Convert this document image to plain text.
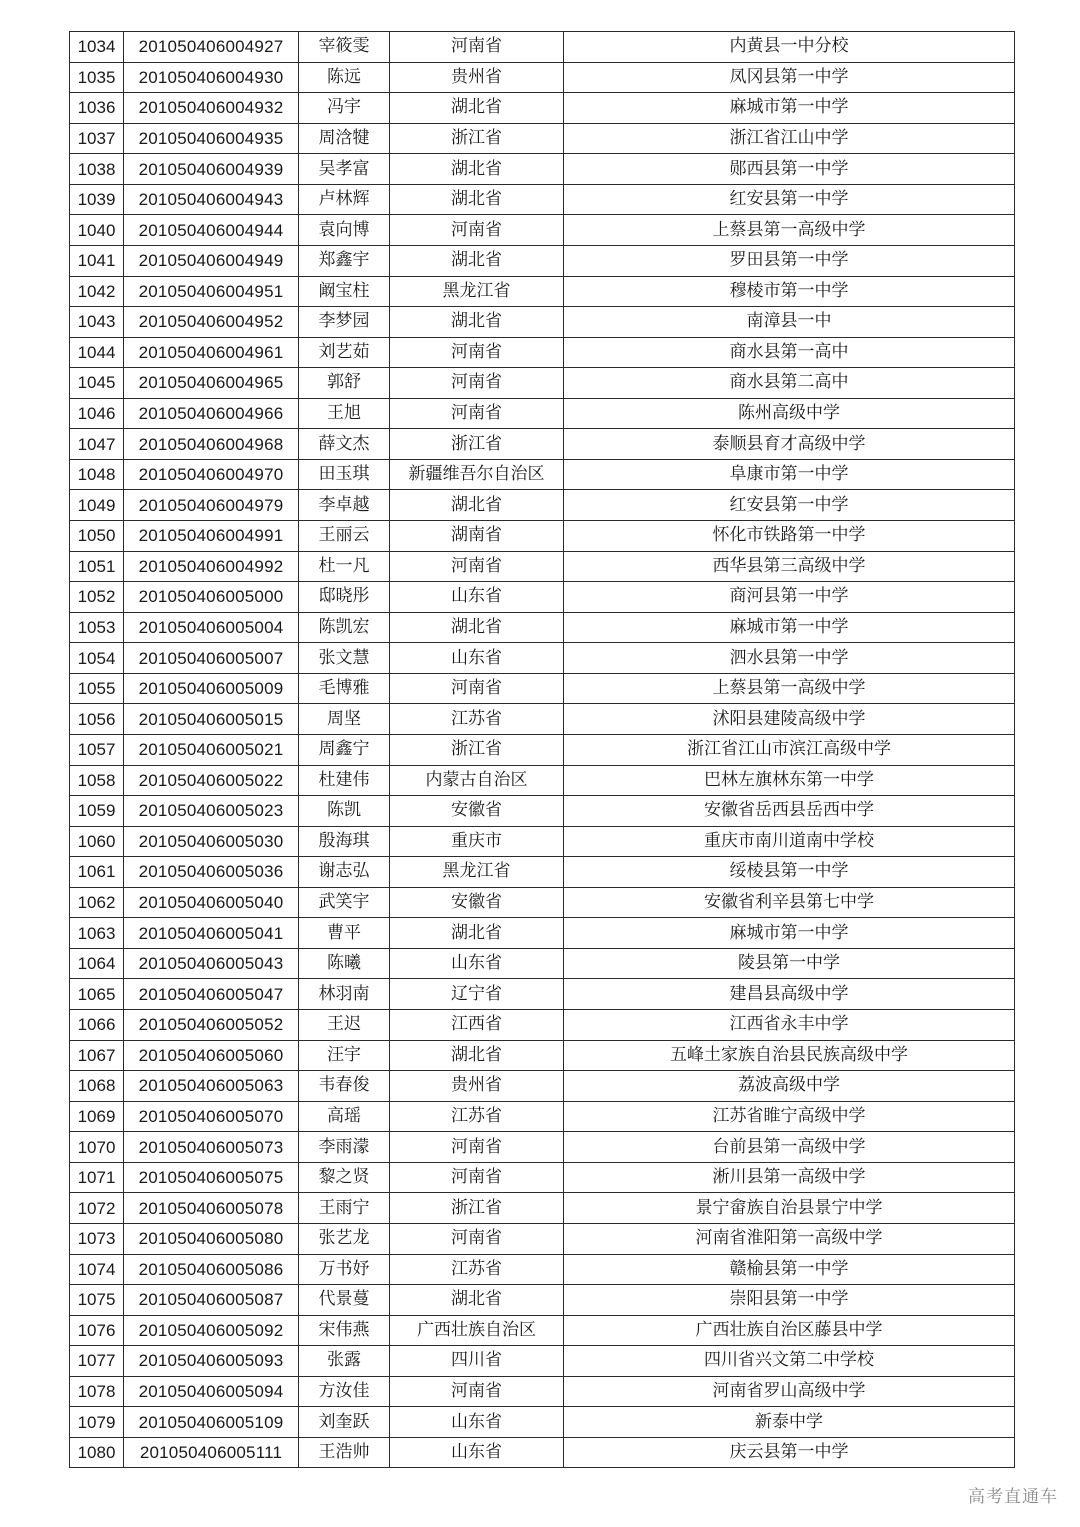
1034	201050406004927	宰筱雯	河南省	内黄县一中分校
1035	201050406004930	陈远	贵州省	凤冈县第一中学
1036	201050406004932	冯宇	湖北省	麻城市第一中学
1037	201050406004935	周浛犍	浙江省	浙江省江山中学
1038	201050406004939	吴孝富	湖北省	郧西县第一中学
1039	201050406004943	卢林辉	湖北省	红安县第一中学
1040	201050406004944	袁向博	河南省	上蔡县第一高级中学
1041	201050406004949	郑鑫宇	湖北省	罗田县第一中学
1042	201050406004951	阚宝柱	黑龙江省	穆棱市第一中学
1043	201050406004952	李梦园	湖北省	南漳县一中
1044	201050406004961	刘艺茹	河南省	商水县第一高中
1045	201050406004965	郭舒	河南省	商水县第二高中
1046	201050406004966	王旭	河南省	陈州高级中学
1047	201050406004968	薛文杰	浙江省	泰顺县育才高级中学
1048	201050406004970	田玉琪	新疆维吾尔自治区	阜康市第一中学
1049	201050406004979	李卓越	湖北省	红安县第一中学
1050	201050406004991	王丽云	湖南省	怀化市铁路第一中学
1051	201050406004992	杜一凡	河南省	西华县第三高级中学
1052	201050406005000	邸晓彤	山东省	商河县第一中学
1053	201050406005004	陈凯宏	湖北省	麻城市第一中学
1054	201050406005007	张文慧	山东省	泗水县第一中学
1055	201050406005009	毛博雅	河南省	上蔡县第一高级中学
1056	201050406005015	周坚	江苏省	沭阳县建陵高级中学
1057	201050406005021	周鑫宁	浙江省	浙江省江山市滨江高级中学
1058	201050406005022	杜建伟	内蒙古自治区	巴林左旗林东第一中学
1059	201050406005023	陈凯	安徽省	安徽省岳西县岳西中学
1060	201050406005030	殷海琪	重庆市	重庆市南川道南中学校
1061	201050406005036	谢志弘	黑龙江省	绥棱县第一中学
1062	201050406005040	武笑宇	安徽省	安徽省利辛县第七中学
1063	201050406005041	曹平	湖北省	麻城市第一中学
1064	201050406005043	陈曦	山东省	陵县第一中学
1065	201050406005047	林羽南	辽宁省	建昌县高级中学
1066	201050406005052	王迟	江西省	江西省永丰中学
1067	201050406005060	汪宇	湖北省	五峰土家族自治县民族高级中学
1068	201050406005063	韦春俊	贵州省	荔波高级中学
1069	201050406005070	高瑶	江苏省	江苏省睢宁高级中学
1070	201050406005073	李雨濛	河南省	台前县第一高级中学
1071	201050406005075	黎之贤	河南省	淅川县第一高级中学
1072	201050406005078	王雨宁	浙江省	景宁畲族自治县景宁中学
1073	201050406005080	张艺龙	河南省	河南省淮阳第一高级中学
1074	201050406005086	万书妤	江苏省	赣榆县第一中学
1075	201050406005087	代景蔓	湖北省	崇阳县第一中学
1076	201050406005092	宋伟燕	广西壮族自治区	广西壮族自治区藤县中学
1077	201050406005093	张露	四川省	四川省兴文第二中学校
1078	201050406005094	方汝佳	河南省	河南省罗山高级中学
1079	201050406005109	刘奎跃	山东省	新泰中学
1080	201050406005111	王浩帅	山东省	庆云县第一中学
高考直通车
